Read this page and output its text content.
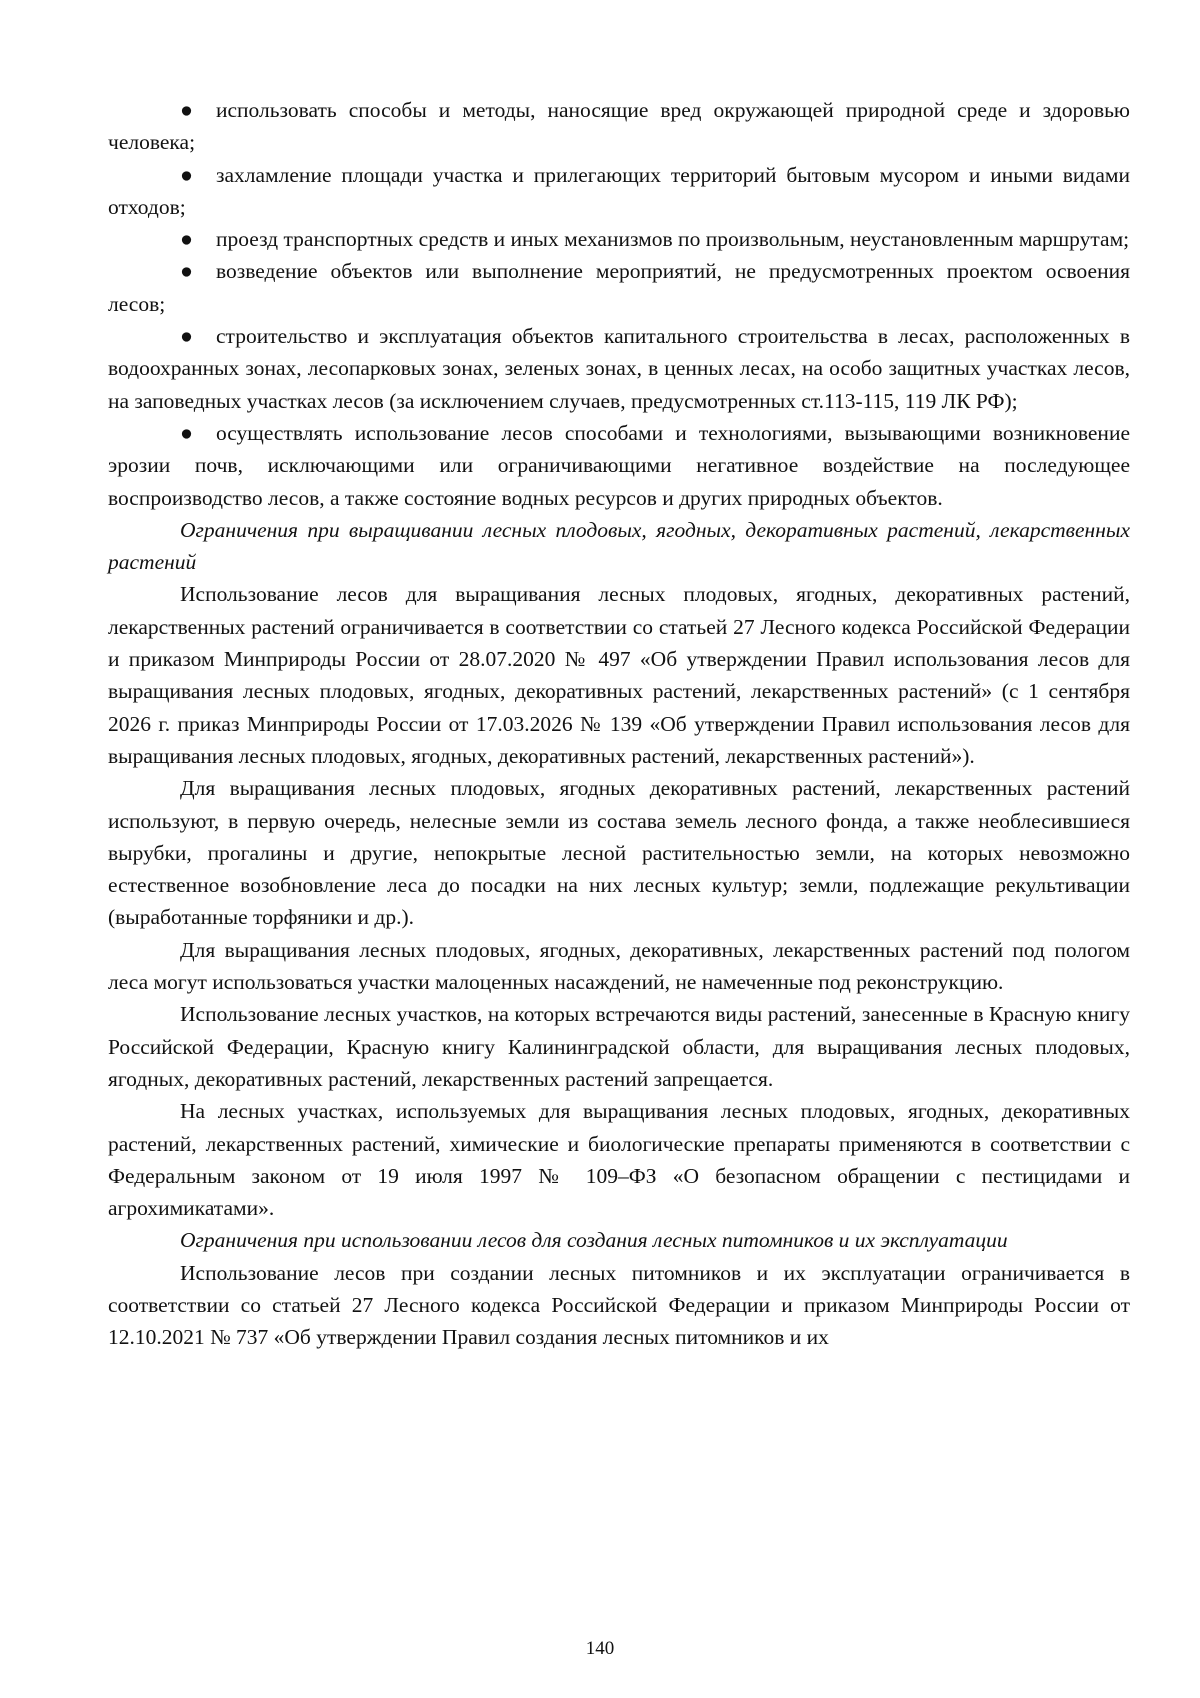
● использовать способы и методы, наносящие вред окружающей природной среде и здоровью человека;

● захламление площади участка и прилегающих территорий бытовым мусором и иными видами отходов;

● проезд транспортных средств и иных механизмов по произвольным, неустановленным маршрутам;

● возведение объектов или выполнение мероприятий, не предусмотренных проектом освоения лесов;

● строительство и эксплуатация объектов капитального строительства в лесах, расположенных в водоохранных зонах, лесопарковых зонах, зеленых зонах, в ценных лесах, на особо защитных участках лесов, на заповедных участках лесов (за исключением случаев, предусмотренных ст.113-115, 119 ЛК РФ);

● осуществлять использование лесов способами и технологиями, вызывающими возникновение эрозии почв, исключающими или ограничивающими негативное воздействие на последующее воспроизводство лесов, а также состояние водных ресурсов и других природных объектов.

Ограничения при выращивании лесных плодовых, ягодных, декоративных растений, лекарственных растений

Использование лесов для выращивания лесных плодовых, ягодных, декоративных растений, лекарственных растений ограничивается в соответствии со статьей 27 Лесного кодекса Российской Федерации и приказом Минприроды России от 28.07.2020 № 497 «Об утверждении Правил использования лесов для выращивания лесных плодовых, ягодных, декоративных растений, лекарственных растений» (с 1 сентября 2026 г. приказ Минприроды России от 17.03.2026 № 139 «Об утверждении Правил использования лесов для выращивания лесных плодовых, ягодных, декоративных растений, лекарственных растений»).

Для выращивания лесных плодовых, ягодных декоративных растений, лекарственных растений используют, в первую очередь, нелесные земли из состава земель лесного фонда, а также необлесившиеся вырубки, прогалины и другие, непокрытые лесной растительностью земли, на которых невозможно естественное возобновление леса до посадки на них лесных культур; земли, подлежащие рекультивации (выработанные торфяники и др.).

Для выращивания лесных плодовых, ягодных, декоративных, лекарственных растений под пологом леса могут использоваться участки малоценных насаждений, не намеченные под реконструкцию.

Использование лесных участков, на которых встречаются виды растений, занесенные в Красную книгу Российской Федерации, Красную книгу Калининградской области, для выращивания лесных плодовых, ягодных, декоративных растений, лекарственных растений запрещается.

На лесных участках, используемых для выращивания лесных плодовых, ягодных, декоративных растений, лекарственных растений, химические и биологические препараты применяются в соответствии с Федеральным законом от 19 июля 1997 № 109–ФЗ «О безопасном обращении с пестицидами и агрохимикатами».

Ограничения при использовании лесов для создания лесных питомников и их эксплуатации

Использование лесов при создании лесных питомников и их эксплуатации ограничивается в соответствии со статьей 27 Лесного кодекса Российской Федерации и приказом Минприроды России от 12.10.2021 № 737 «Об утверждении Правил создания лесных питомников и их

140
